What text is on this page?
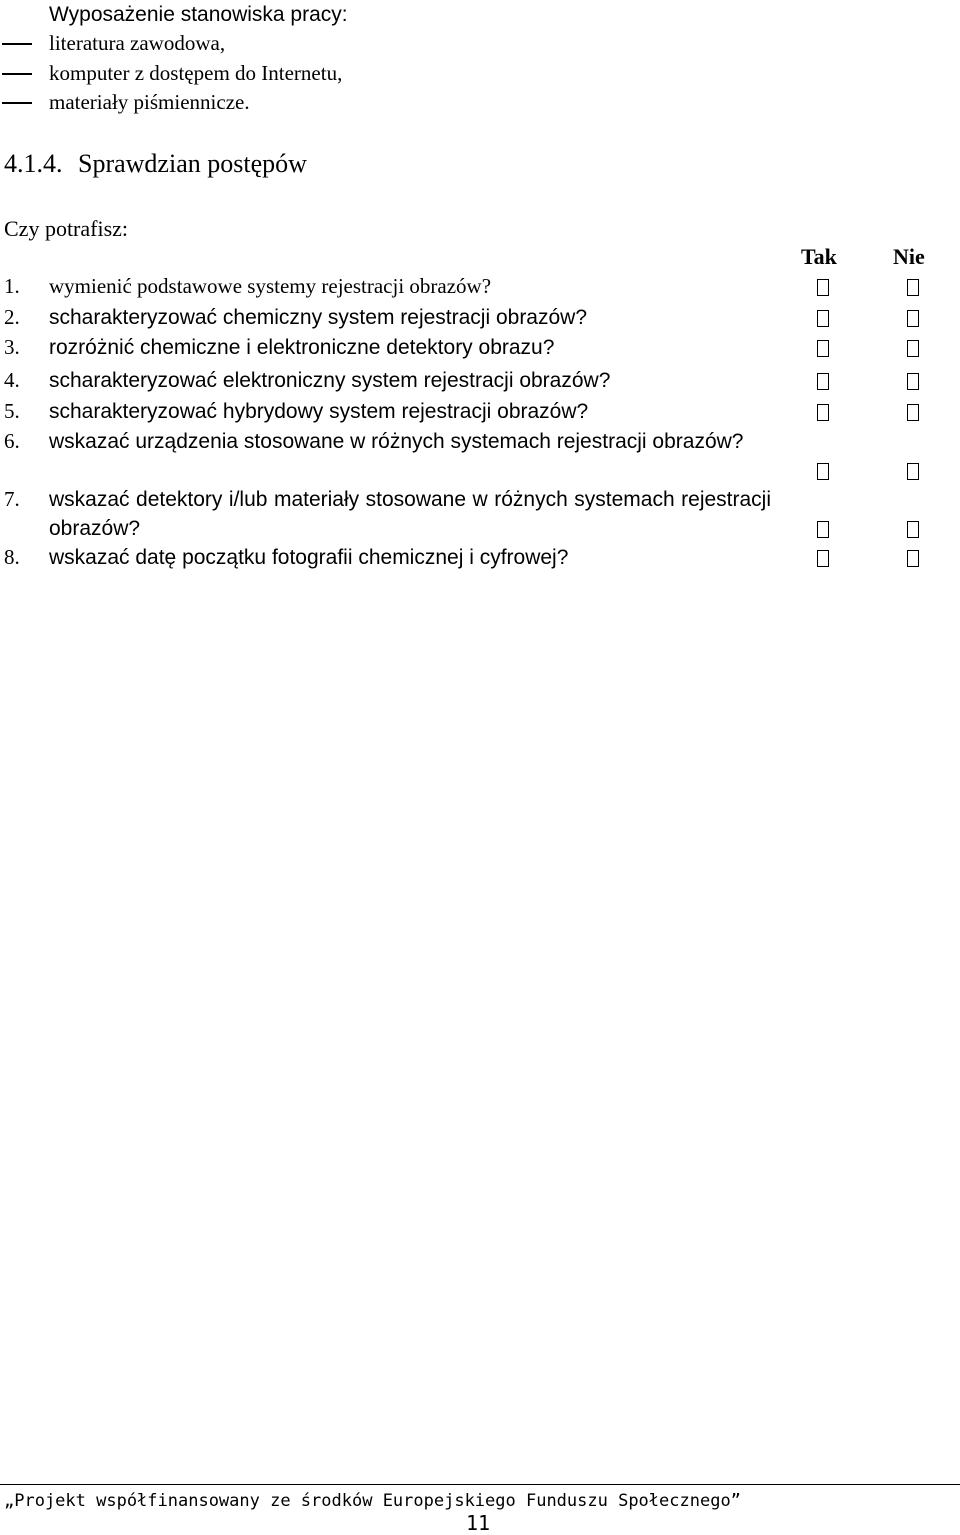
Wyposażenie stanowiska pracy:
literatura zawodowa,
komputer z dostępem do Internetu,
materiały piśmiennicze.
4.1.4. Sprawdzian postępów
Czy potrafisz:
Tak	Nie
1. wymienić podstawowe systemy rejestracji obrazów?
2. scharakteryzować chemiczny system rejestracji obrazów?
3. rozróżnić chemiczne i elektroniczne detektory obrazu?
4. scharakteryzować elektroniczny system rejestracji obrazów?
5. scharakteryzować hybrydowy system rejestracji obrazów?
6. wskazać urządzenia stosowane w różnych systemach rejestracji obrazów?
7. wskazać detektory i/lub materiały stosowane w różnych systemach rejestracji obrazów?
8. wskazać datę początku fotografii chemicznej i cyfrowej?
„Projekt współfinansowany ze środków Europejskiego Funduszu Społecznego”
11
